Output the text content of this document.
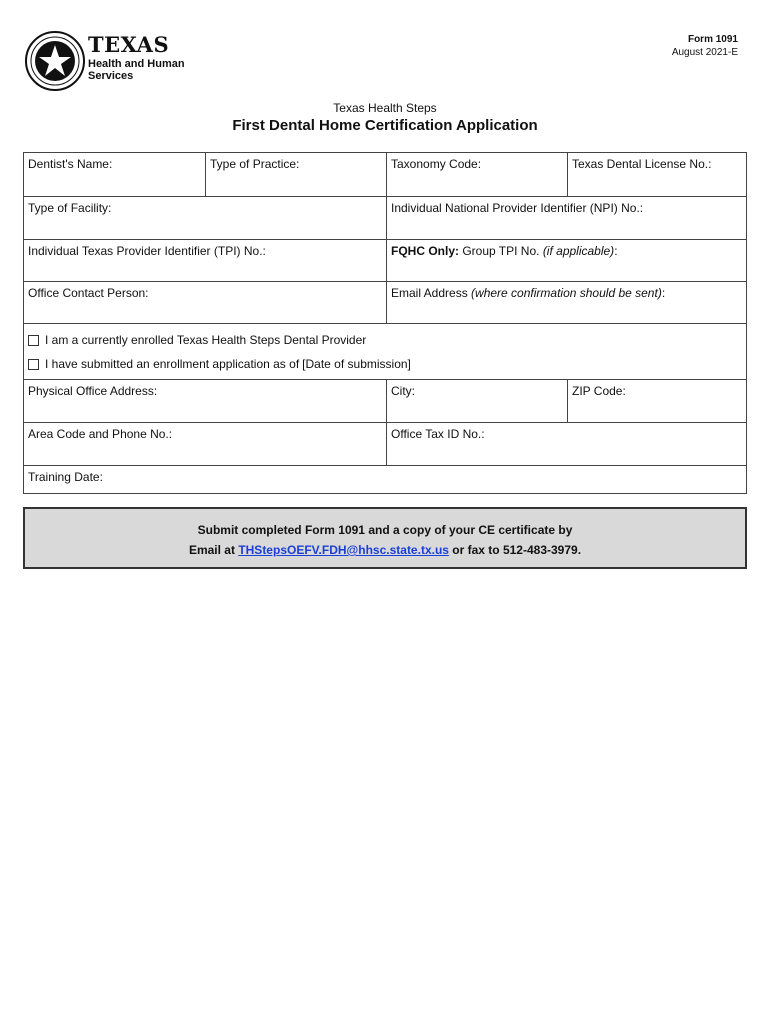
TEXAS
Health and Human Services
Form 1091
August 2021-E
Texas Health Steps
First Dental Home Certification Application
Dentist's Name:	Type of Practice:	Taxonomy Code:	Texas Dental License No.:
Type of Facility:	Individual National Provider Identifier (NPI) No.:
Individual Texas Provider Identifier (TPI) No.:	FQHC Only: Group TPI No. (if applicable):
Office Contact Person:	Email Address (where confirmation should be sent):
I am a currently enrolled Texas Health Steps Dental Provider
I have submitted an enrollment application as of [Date of submission]
Physical Office Address:	City:	ZIP Code:
Area Code and Phone No.:	Office Tax ID No.:
Training Date:
Submit completed Form 1091 and a copy of your CE certificate by
Email at THStepsOEFV.FDH@hhsc.state.tx.us or fax to 512-483-3979.
